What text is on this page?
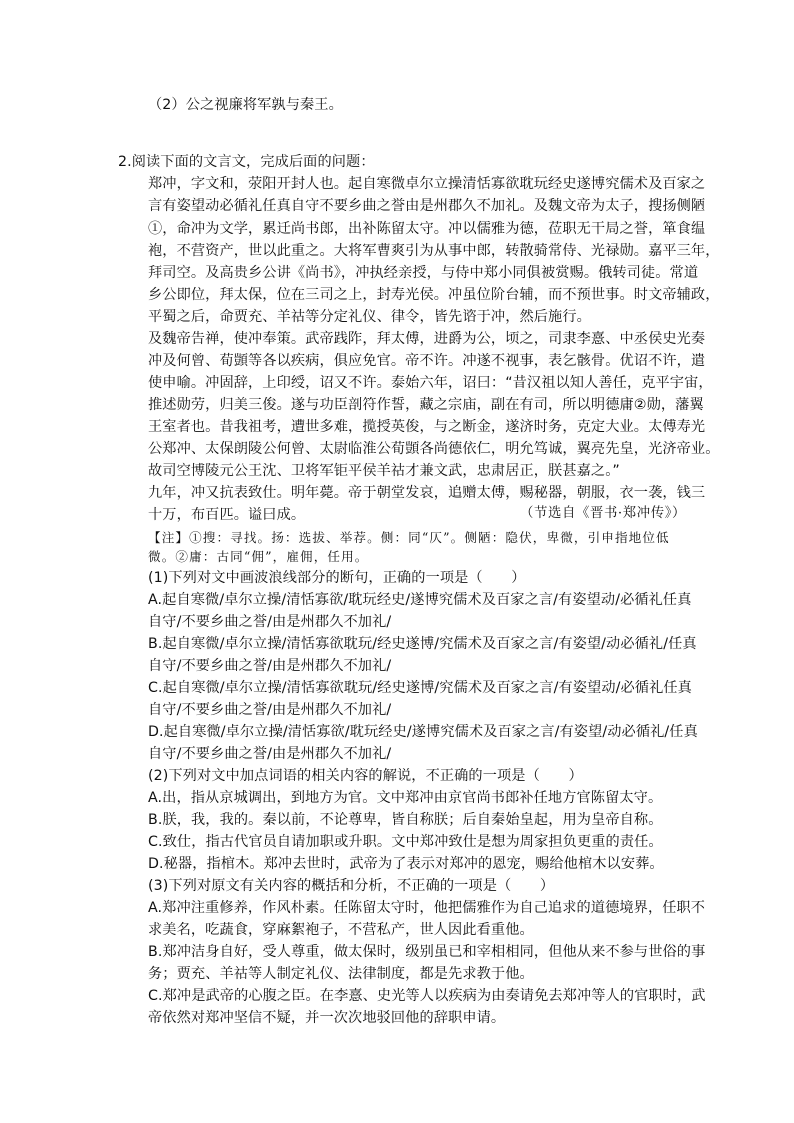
（2）公之视廉将军孰与秦王。
2.阅读下面的文言文，完成后面的问题：
郑冲，字文和，荥阳开封人也。起自寒微卓尔立操清恬寡欲耽玩经史遂博究儒术及百家之
言有姿望动必循礼任真自守不要乡曲之誉由是州郡久不加礼。及魏文帝为太子，搜扬侧陋
①，命冲为文学，累迁尚书郎，出补陈留太守。冲以儒雅为德，莅职无干局之誉，箪食缊
袍，不营资产，世以此重之。大将军曹爽引为从事中郎，转散骑常侍、光禄勋。嘉平三年，
拜司空。及高贵乡公讲《尚书》，冲执经亲授，与侍中郑小同俱被赏赐。俄转司徒。常道
乡公即位，拜太保，位在三司之上，封寿光侯。冲虽位阶台辅，而不预世事。时文帝辅政，
平蜀之后，命贾充、羊祜等分定礼仪、律令，皆先谘于冲，然后施行。
及魏帝告禅，使冲奉策。武帝践阼，拜太傅，进爵为公，顷之，司隶李憙、中丞侯史光奏
冲及何曾、荀顗等各以疾病，俱应免官。帝不许。冲遂不视事，表乞骸骨。优诏不许，遣
使申喻。冲固辞，上印绶，诏又不许。泰始六年，诏曰：“昔汉祖以知人善任，克平宇宙，
推述勋劳，归美三俊。遂与功臣剖符作誓，藏之宗庙，副在有司，所以明德庸②勋，藩翼
王室者也。昔我祖考，遭世多难，揽授英俊，与之断金，遂济时务，克定大业。太傅寿光
公郑冲、太保朗陵公何曾、太尉临淮公荀顗各尚德依仁，明允笃诚，翼亮先皇，光济帝业。
故司空博陵元公王沈、卫将军钜平侯羊祜才兼文武，忠肃居正，朕甚嘉之。”
九年，冲又抗表致仕。明年薨。帝于朝堂发哀，追赠太傅，赐秘器，朝服，衣一袭，钱三
十万，布百匹。谥曰成。	（节选自《晋书·郑冲传》）
【注】①搜：寻找。扬：选拔、举荐。侧：同“仄”。侧陋：隐伏，卑微，引申指地位低
微。②庸：古同“佣”，雇佣，任用。
(1)下列对文中画波浪线部分的断句，正确的一项是（　　）
A.起自寒微/卓尔立操/清恬寡欲/耽玩经史/遂博究儒术及百家之言/有姿望动/必循礼任真
自守/不要乡曲之誉/由是州郡久不加礼/
B.起自寒微/卓尔立操/清恬寡欲耽玩/经史遂博/究儒术及百家之言/有姿望/动必循礼/任真
自守/不要乡曲之誉/由是州郡久不加礼/
C.起自寒微/卓尔立操/清恬寡欲耽玩/经史遂博/究儒术及百家之言/有姿望动/必循礼任真
自守/不要乡曲之誉/由是州郡久不加礼/
D.起自寒微/卓尔立操/清恬寡欲/耽玩经史/遂博究儒术及百家之言/有姿望/动必循礼/任真
自守/不要乡曲之誉/由是州郡久不加礼/
(2)下列对文中加点词语的相关内容的解说，不正确的一项是（　　）
A.出，指从京城调出，到地方为官。文中郑冲由京官尚书郎补任地方官陈留太守。
B.朕，我，我的。秦以前，不论尊卑，皆自称朕；后自秦始皇起，用为皇帝自称。
C.致仕，指古代官员自请加职或升职。文中郑冲致仕是想为周家担负更重的责任。
D.秘器，指棺木。郑冲去世时，武帝为了表示对郑冲的恩宠，赐给他棺木以安葬。
(3)下列对原文有关内容的概括和分析，不正确的一项是（　　）
A.郑冲注重修养，作风朴素。任陈留太守时，他把儒雅作为自己追求的道德境界，任职不
求美名，吃蔬食，穿麻絮袍子，不营私产，世人因此看重他。
B.郑冲洁身自好，受人尊重，做太保时，级别虽已和宰相相同，但他从来不参与世俗的事
务；贾充、羊祜等人制定礼仪、法律制度，都是先求教于他。
C.郑冲是武帝的心腹之臣。在李憙、史光等人以疾病为由奏请免去郑冲等人的官职时，武
帝依然对郑冲坚信不疑，并一次次地驳回他的辞职申请。
